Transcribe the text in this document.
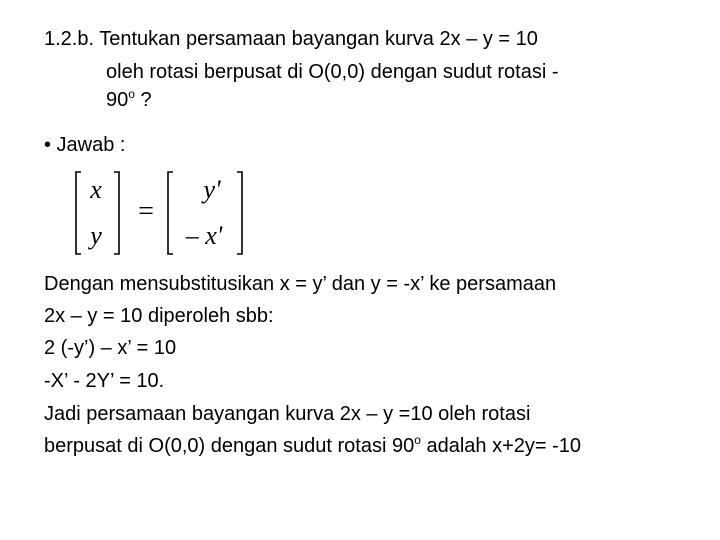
1.2.b. Tentukan persamaan bayangan kurva 2x – y = 10
oleh rotasi berpusat di O(0,0) dengan sudut rotasi -
90$^o$ ?
• Jawab :
x
y
=
y'
– x'
Dengan mensubstitusikan x = y’ dan y = -x’ ke persamaan
2x – y = 10 diperoleh sbb:
2 (-y’) – x’ = 10
-X’ - 2Y’ = 10.
Jadi persamaan bayangan kurva 2x – y =10 oleh rotasi
berpusat di O(0,0) dengan sudut rotasi 90$^o$ adalah x+2y= -10
